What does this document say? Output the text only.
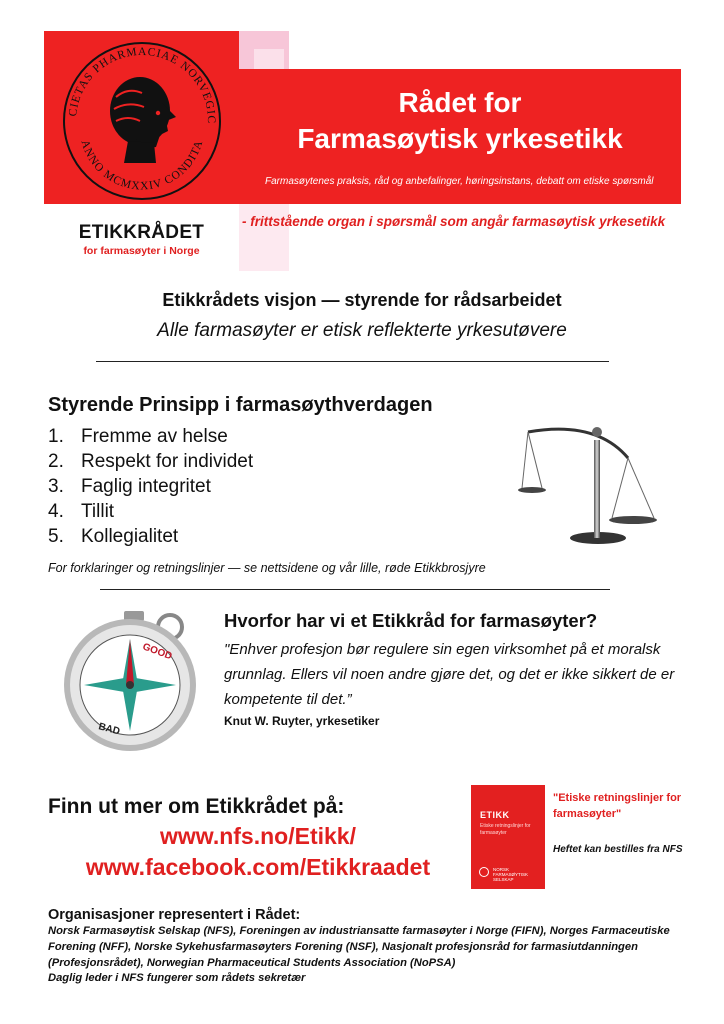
CIETAS PHARMACIAE NORVEGIC
ANNO MCMXXIV CONDITA
Rådet for
Farmasøytisk yrkesetikk
Farmasøytenes praksis, råd og anbefalinger, høringsinstans, debatt om etiske spørsmål
ETIKKRÅDET
for farmasøyter i Norge
- frittstående organ i spørsmål som angår farmasøytisk yrkesetikk
Etikkrådets visjon — styrende for rådsarbeidet
Alle farmasøyter er etisk reflekterte yrkesutøvere
Styrende Prinsipp i farmasøythverdagen
1. Fremme av helse
2. Respekt for individet
3. Faglig integritet
4. Tillit
5. Kollegialitet
For forklaringer og retningslinjer — se nettsidene og vår lille, røde Etikkbrosjyre
GOOD
BAD
Hvorfor har vi et Etikkråd for farmasøyter?
"Enhver profesjon bør regulere sin egen virksomhet på et moralsk grunnlag. Ellers vil noen andre gjøre det, og det er ikke sikkert de er kompetente til det.”
Knut W. Ruyter, yrkesetiker
Finn ut mer om Etikkrådet på:
www.nfs.no/Etikk/
www.facebook.com/Etikkraadet
ETIKK
Etiske retningslinjer for farmasøyter
NORSK FARMASØYTISK SELSKAP
"Etiske retningslinjer for farmasøyter"
Heftet kan bestilles fra NFS
Organisasjoner representert i Rådet:
Norsk Farmasøytisk Selskap (NFS), Foreningen av industriansatte farmasøyter i Norge (FIFN), Norges Farmaceutiske Forening (NFF), Norske Sykehusfarmasøyters Forening (NSF), Nasjonalt profesjonsråd for farmasiutdanningen (Profesjonsrådet), Norwegian Pharmaceutical Students Association (NoPSA)
Daglig leder i NFS fungerer som rådets sekretær
